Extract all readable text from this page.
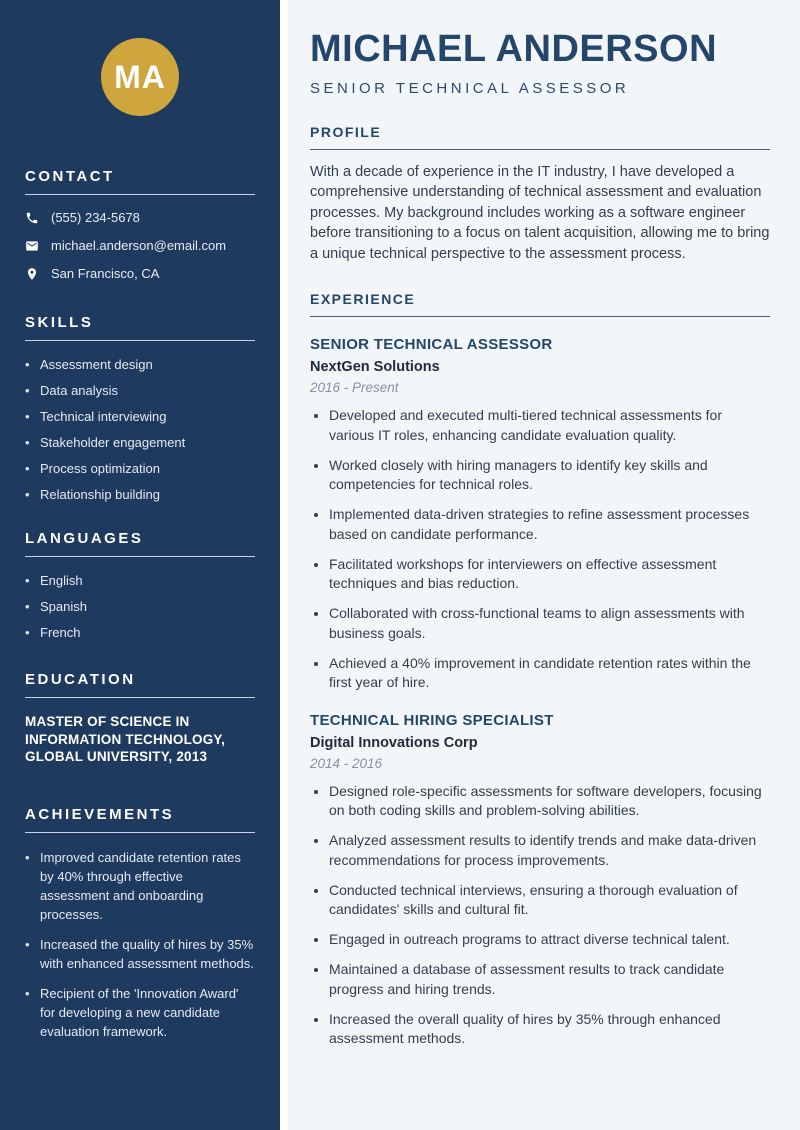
MA
CONTACT
(555) 234-5678
michael.anderson@email.com
San Francisco, CA
SKILLS
• Assessment design
• Data analysis
• Technical interviewing
• Stakeholder engagement
• Process optimization
• Relationship building
LANGUAGES
• English
• Spanish
• French
EDUCATION
MASTER OF SCIENCE IN INFORMATION TECHNOLOGY, GLOBAL UNIVERSITY, 2013
ACHIEVEMENTS
• Improved candidate retention rates by 40% through effective assessment and onboarding processes.
• Increased the quality of hires by 35% with enhanced assessment methods.
• Recipient of the 'Innovation Award' for developing a new candidate evaluation framework.
MICHAEL ANDERSON
SENIOR TECHNICAL ASSESSOR
PROFILE

With a decade of experience in the IT industry, I have developed a comprehensive understanding of technical assessment and evaluation processes. My background includes working as a software engineer before transitioning to a focus on talent acquisition, allowing me to bring a unique technical perspective to the assessment process.

EXPERIENCE
SENIOR TECHNICAL ASSESSOR
NextGen Solutions
2016 - Present
• Developed and executed multi-tiered technical assessments for various IT roles, enhancing candidate evaluation quality.
• Worked closely with hiring managers to identify key skills and competencies for technical roles.
• Implemented data-driven strategies to refine assessment processes based on candidate performance.
• Facilitated workshops for interviewers on effective assessment techniques and bias reduction.
• Collaborated with cross-functional teams to align assessments with business goals.
• Achieved a 40% improvement in candidate retention rates within the first year of hire.
TECHNICAL HIRING SPECIALIST
Digital Innovations Corp
2014 - 2016
• Designed role-specific assessments for software developers, focusing on both coding skills and problem-solving abilities.
• Analyzed assessment results to identify trends and make data-driven recommendations for process improvements.
• Conducted technical interviews, ensuring a thorough evaluation of candidates' skills and cultural fit.
• Engaged in outreach programs to attract diverse technical talent.
• Maintained a database of assessment results to track candidate progress and hiring trends.
• Increased the overall quality of hires by 35% through enhanced assessment methods.
